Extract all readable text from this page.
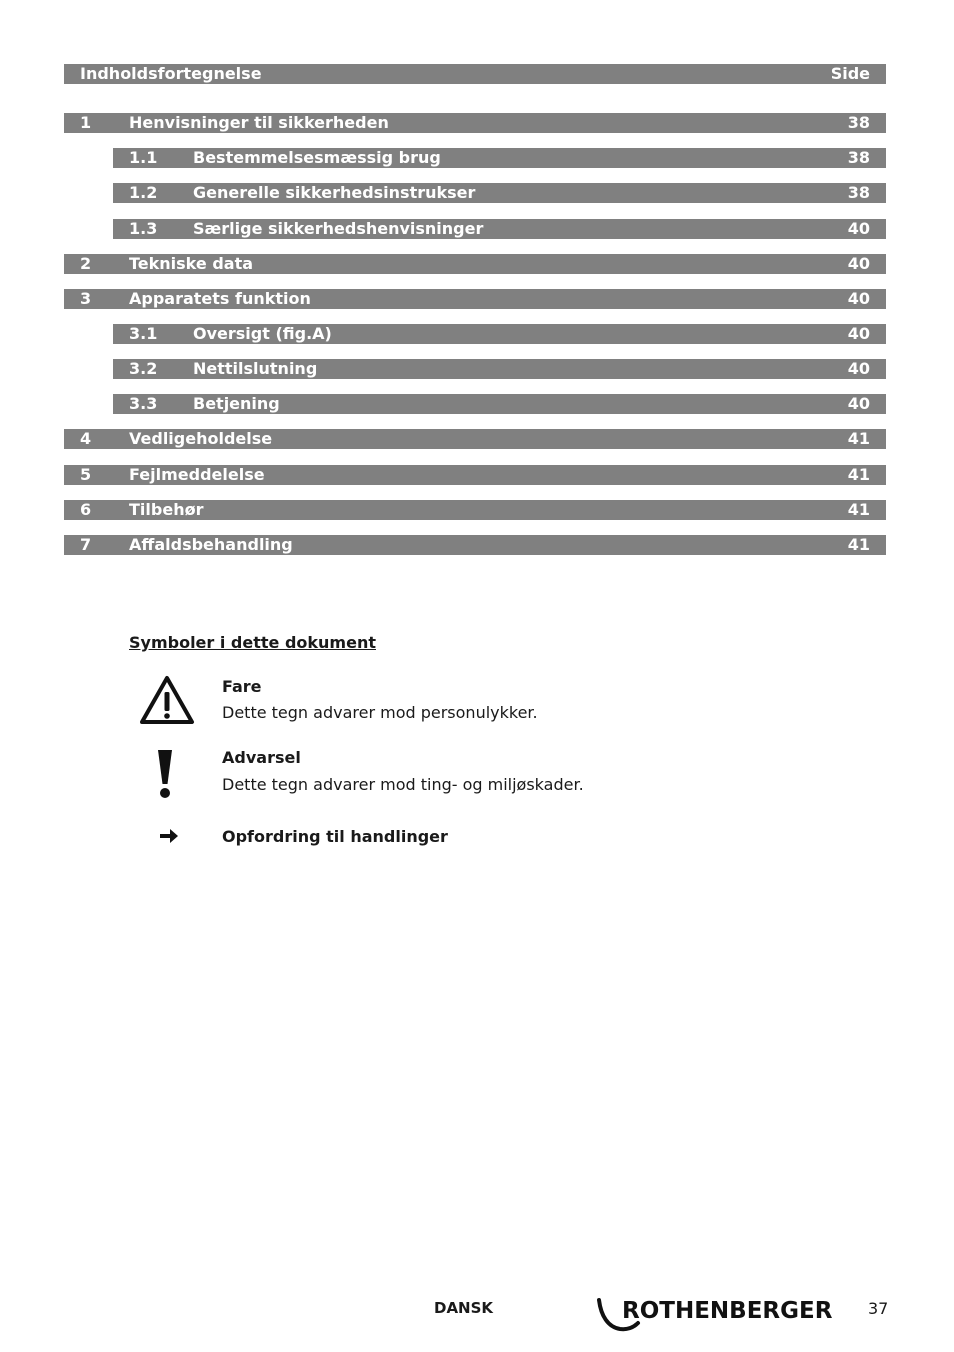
Indholdsfortegnelse	Side
1 Henvisninger til sikkerheden	38
1.1 Bestemmelsesmæssig brug	38
1.2 Generelle sikkerhedsinstrukser	38
1.3 Særlige sikkerhedshenvisninger	40
2 Tekniske data	40
3 Apparatets funktion	40
3.1 Oversigt (fig.A)	40
3.2 Nettilslutning	40
3.3 Betjening	40
4 Vedligeholdelse	41
5 Fejlmeddelelse	41
6 Tilbehør	41
7 Affaldsbehandling	41
Symboler i dette dokument
Fare
Dette tegn advarer mod personulykker.
Advarsel
Dette tegn advarer mod ting- og miljøskader.
Opfordring til handlinger
DANSK	ROTHENBERGER 37
